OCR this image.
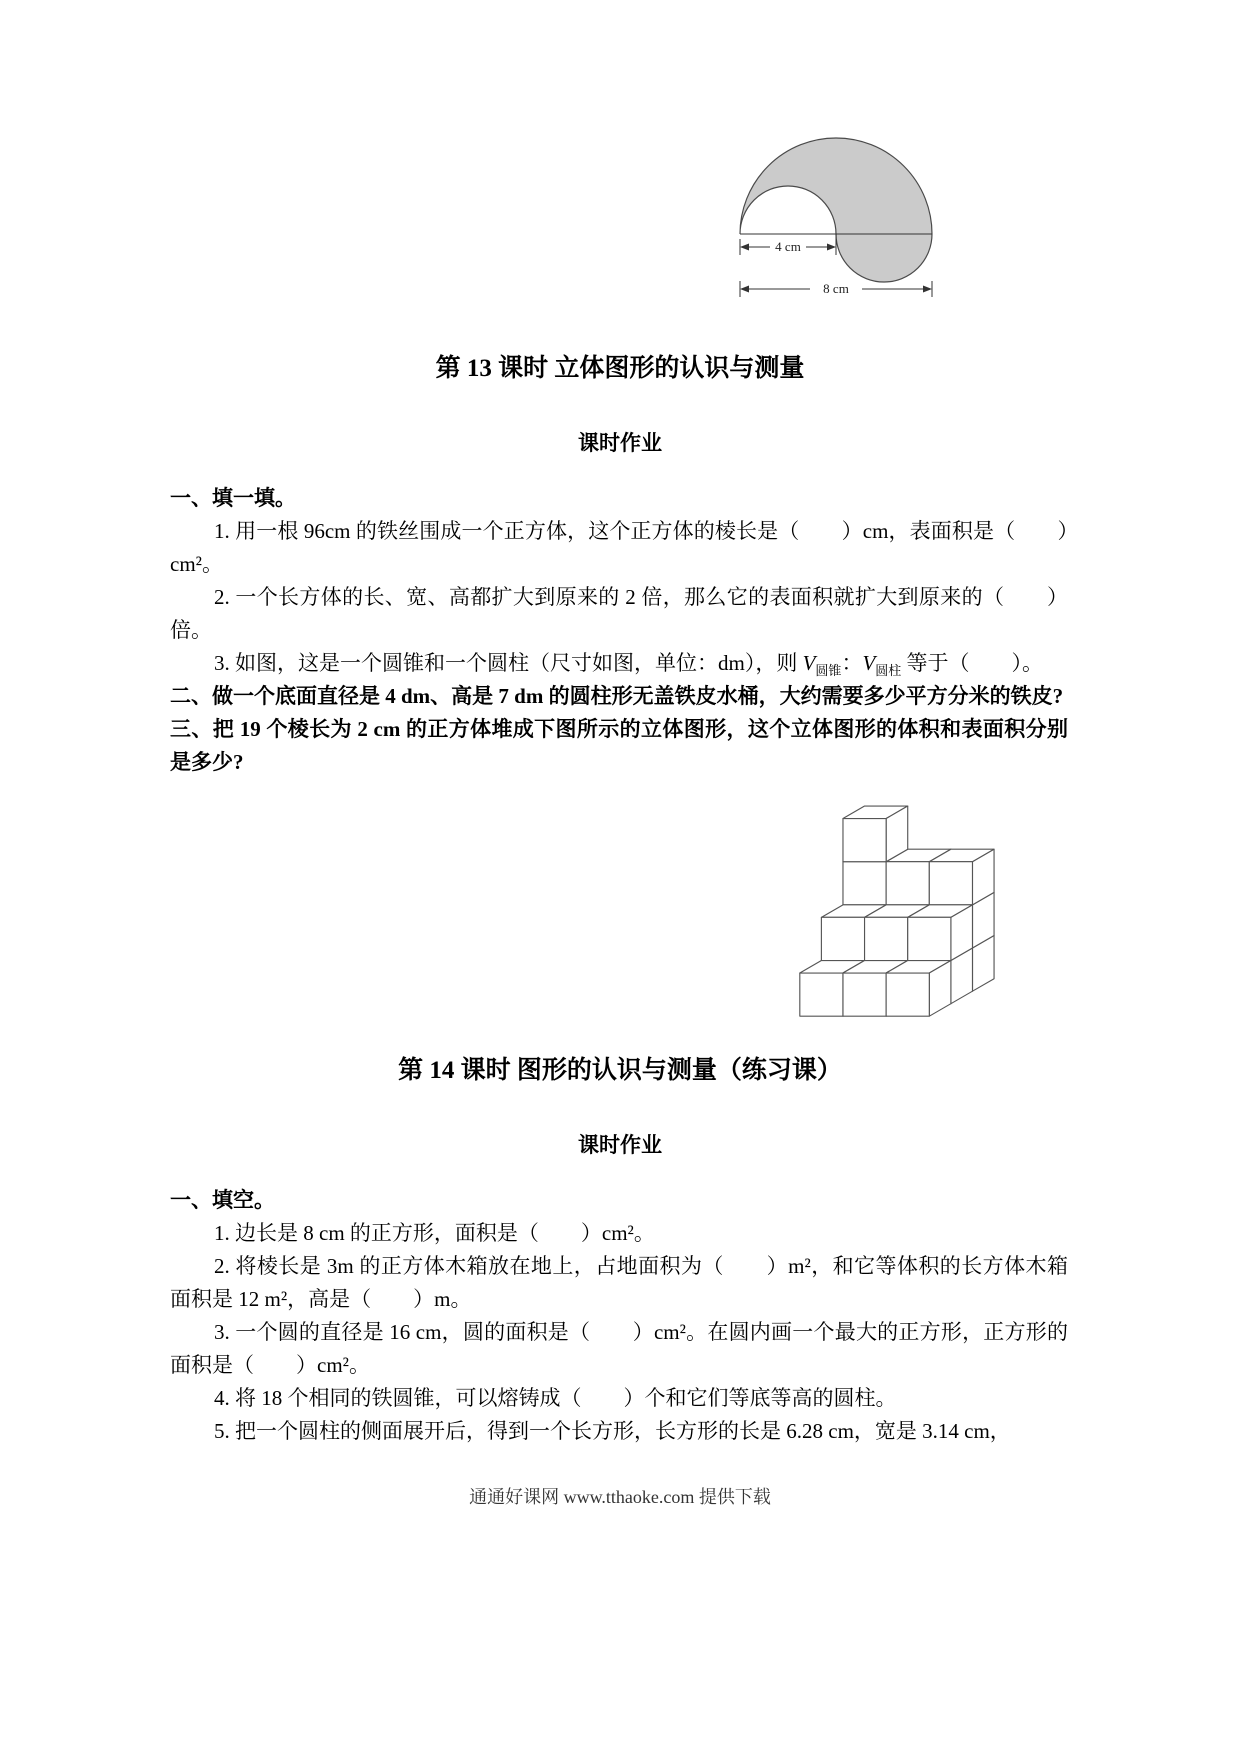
4 cm
8 cm
第 13 课时 立体图形的认识与测量
课时作业

一、填一填。

1. 用一根 96cm 的铁丝围成一个正方体，这个正方体的棱长是（　　）cm，表面积是（　　）cm²。

2. 一个长方体的长、宽、高都扩大到原来的 2 倍，那么它的表面积就扩大到原来的（　　）倍。

3. 如图，这是一个圆锥和一个圆柱（尺寸如图，单位：dm），则 $V_{圆锥}$：$V_{圆柱}$ 等于（　　）。

二、做一个底面直径是 4 dm、高是 7 dm 的圆柱形无盖铁皮水桶，大约需要多少平方分米的铁皮?

三、把 19 个棱长为 2 cm 的正方体堆成下图所示的立体图形，这个立体图形的体积和表面积分别是多少?

第 14 课时 图形的认识与测量（练习课）
课时作业

一、填空。

1. 边长是 8 cm 的正方形，面积是（　　）cm²。

2. 将棱长是 3m 的正方体木箱放在地上，占地面积为（　　）m²，和它等体积的长方体木箱面积是 12 m²，高是（　　）m。

3. 一个圆的直径是 16 cm，圆的面积是（　　）cm²。在圆内画一个最大的正方形，正方形的面积是（　　）cm²。

4. 将 18 个相同的铁圆锥，可以熔铸成（　　）个和它们等底等高的圆柱。

5. 把一个圆柱的侧面展开后，得到一个长方形，长方形的长是 6.28 cm，宽是 3.14 cm，

通通好课网 www.tthaoke.com 提供下载
